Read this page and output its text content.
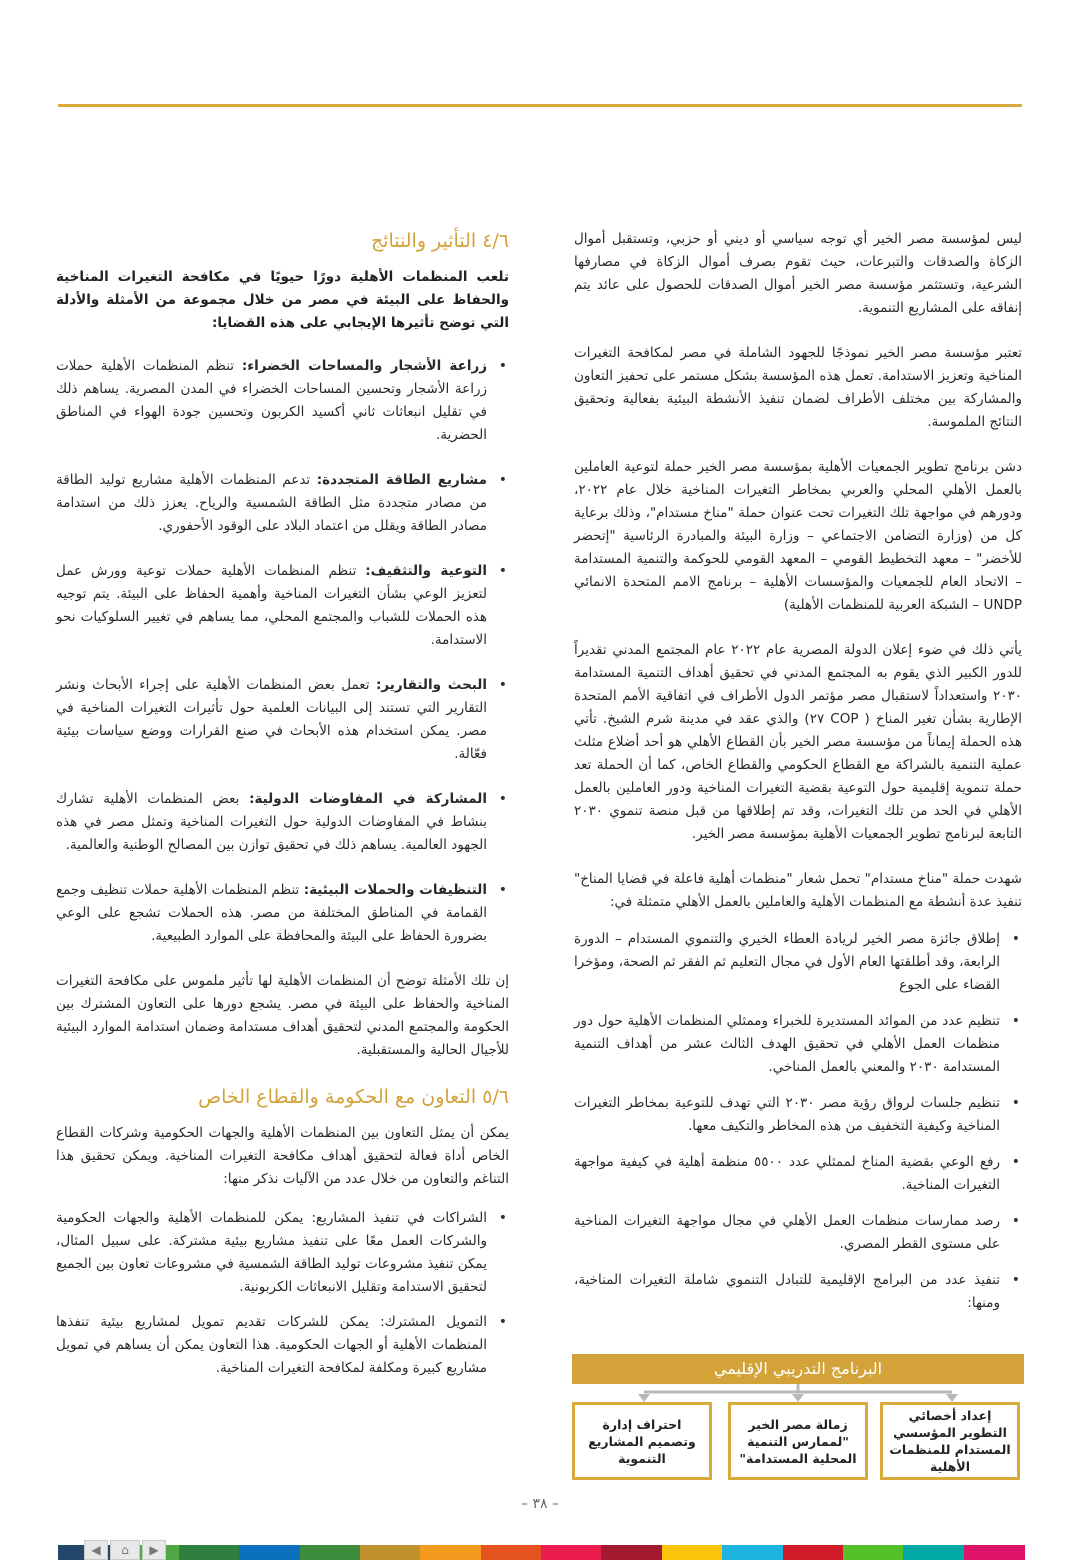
ليس لمؤسسة مصر الخير أي توجه سياسي أو ديني أو حزبي، وتستقبل أموال الزكاة والصدقات والتبرعات، حيث تقوم بصرف أموال الزكاة في مصارفها الشرعية، وتستثمر مؤسسة مصر الخير أموال الصدقات للحصول على عائد يتم إنفاقه على المشاريع التنموية.

تعتبر مؤسسة مصر الخير نموذجًا للجهود الشاملة في مصر لمكافحة التغيرات المناخية وتعزيز الاستدامة. تعمل هذه المؤسسة بشكل مستمر على تحفيز التعاون والمشاركة بين مختلف الأطراف لضمان تنفيذ الأنشطة البيئية بفعالية وتحقيق النتائج الملموسة.

دشن برنامج تطوير الجمعيات الأهلية بمؤسسة مصر الخير حملة لتوعية العاملين بالعمل الأهلي المحلي والعربي بمخاطر التغيرات المناخية خلال عام ٢٠٢٢، ودورهم في مواجهة تلك التغيرات تحت عنوان حملة "مناخ مستدام"، وذلك برعاية كل من (وزارة التضامن الاجتماعي – وزارة البيئة والمبادرة الرئاسية "إتحضر للأخضر" – معهد التخطيط القومي – المعهد القومي للحوكمة والتنمية المستدامة – الاتحاد العام للجمعيات والمؤسسات الأهلية – برنامج الامم المتحدة الانمائي UNDP – الشبكة العربية للمنظمات الأهلية)

يأتي ذلك في ضوء إعلان الدولة المصرية عام ٢٠٢٢ عام المجتمع المدني تقديراً للدور الكبير الذي يقوم به المجتمع المدني في تحقيق أهداف التنمية المستدامة ٢٠٣٠ واستعداداً لاستقبال مصر مؤتمر الدول الأطراف في اتفاقية الأمم المتحدة الإطارية بشأن تغير المناخ ( COP ٢٧) والذي عقد في مدينة شرم الشيخ. تأتي هذه الحملة إيماناً من مؤسسة مصر الخير بأن القطاع الأهلي هو أحد أضلاع مثلث عملية التنمية بالشراكة مع القطاع الحكومي والقطاع الخاص، كما أن الحملة تعد حملة تنموية إقليمية حول التوعية بقضية التغيرات المناخية ودور العاملين بالعمل الأهلي في الحد من تلك التغيرات، وقد تم إطلاقها من قبل منصة تنموي ٢٠٣٠ التابعة لبرنامج تطوير الجمعيات الأهلية بمؤسسة مصر الخير.

شهدت حملة "مناخ مستدام" تحمل شعار "منظمات أهلية فاعلة في قضايا المناخ" تنفيذ عدة أنشطة مع المنظمات الأهلية والعاملين بالعمل الأهلي متمثلة في:

• إطلاق جائزة مصر الخير لريادة العطاء الخيري والتنموي المستدام – الدورة الرابعة، وقد أطلقتها العام الأول في مجال التعليم ثم الفقر ثم الصحة، ومؤخرا القضاء على الجوع
• تنظيم عدد من الموائد المستديرة للخبراء وممثلي المنظمات الأهلية حول دور منظمات العمل الأهلي في تحقيق الهدف الثالث عشر من أهداف التنمية المستدامة ٢٠٣٠ والمعني بالعمل المناخي.
• تنظيم جلسات لرواق رؤية مصر ٢٠٣٠ التي تهدف للتوعية بمخاطر التغيرات المناخية وكيفية التخفيف من هذه المخاطر والتكيف معها.
• رفع الوعي بقضية المناخ لممثلي عدد ٥٥٠٠ منظمة أهلية في كيفية مواجهة التغيرات المناخية.
• رصد ممارسات منظمات العمل الأهلي في مجال مواجهة التغيرات المناخية على مستوى القطر المصري.
• تنفيذ عدد من البرامج الإقليمية للتبادل التنموي شاملة التغيرات المناخية، ومنها:
٤/٦ التأثير والنتائج

تلعب المنظمات الأهلية دورًا حيويًا في مكافحة التغيرات المناخية والحفاظ على البيئة في مصر من خلال مجموعة من الأمثلة والأدلة التي توضح تأثيرها الإيجابي على هذه القضايا:

• زراعة الأشجار والمساحات الخضراء: تنظم المنظمات الأهلية حملات زراعة الأشجار وتحسين المساحات الخضراء في المدن المصرية. يساهم ذلك في تقليل انبعاثات ثاني أكسيد الكربون وتحسين جودة الهواء في المناطق الحضرية.
• مشاريع الطاقة المتجددة: تدعم المنظمات الأهلية مشاريع توليد الطاقة من مصادر متجددة مثل الطاقة الشمسية والرياح. يعزز ذلك من استدامة مصادر الطاقة ويقلل من اعتماد البلاد على الوقود الأحفوري.
• التوعية والتثقيف: تنظم المنظمات الأهلية حملات توعية وورش عمل لتعزيز الوعي بشأن التغيرات المناخية وأهمية الحفاظ على البيئة. يتم توجيه هذه الحملات للشباب والمجتمع المحلي، مما يساهم في تغيير السلوكيات نحو الاستدامة.
• البحث والتقارير: تعمل بعض المنظمات الأهلية على إجراء الأبحاث ونشر التقارير التي تستند إلى البيانات العلمية حول تأثيرات التغيرات المناخية في مصر. يمكن استخدام هذه الأبحاث في صنع القرارات ووضع سياسات بيئية فعّالة.
• المشاركة في المفاوضات الدولية: بعض المنظمات الأهلية تشارك بنشاط في المفاوضات الدولية حول التغيرات المناخية وتمثل مصر في هذه الجهود العالمية. يساهم ذلك في تحقيق توازن بين المصالح الوطنية والعالمية.
• التنظيفات والحملات البيئية: تنظم المنظمات الأهلية حملات تنظيف وجمع القمامة في المناطق المختلفة من مصر. هذه الحملات تشجع على الوعي بضرورة الحفاظ على البيئة والمحافظة على الموارد الطبيعية.

إن تلك الأمثلة توضح أن المنظمات الأهلية لها تأثير ملموس على مكافحة التغيرات المناخية والحفاظ على البيئة في مصر. يشجع دورها على التعاون المشترك بين الحكومة والمجتمع المدني لتحقيق أهداف مستدامة وضمان استدامة الموارد البيئية للأجيال الحالية والمستقبلية.

٥/٦ التعاون مع الحكومة والقطاع الخاص

يمكن أن يمثل التعاون بين المنظمات الأهلية والجهات الحكومية وشركات القطاع الخاص أداة فعالة لتحقيق أهداف مكافحة التغيرات المناخية. ويمكن تحقيق هذا التناغم والتعاون من خلال عدد من الآليات نذكر منها:

• الشراكات في تنفيذ المشاريع: يمكن للمنظمات الأهلية والجهات الحكومية والشركات العمل معًا على تنفيذ مشاريع بيئية مشتركة. على سبيل المثال، يمكن تنفيذ مشروعات توليد الطاقة الشمسية في مشروعات تعاون بين الجميع لتحقيق الاستدامة وتقليل الانبعاثات الكربونية.
• التمويل المشترك: يمكن للشركات تقديم تمويل لمشاريع بيئية تنفذها المنظمات الأهلية أو الجهات الحكومية. هذا التعاون يمكن أن يساهم في تمويل مشاريع كبيرة ومكلفة لمكافحة التغيرات المناخية.	البرنامج التدريبي الإقليمي
إعداد أخصائي التطوير المؤسسي المستدام للمنظمات الأهلية
زمالة مصر الخير "لممارس التنمية المحلية المستدامة"
احتراف إدارة وتصميم المشاريع التنموية
– ٣٨ –
◀	⌂	▶
